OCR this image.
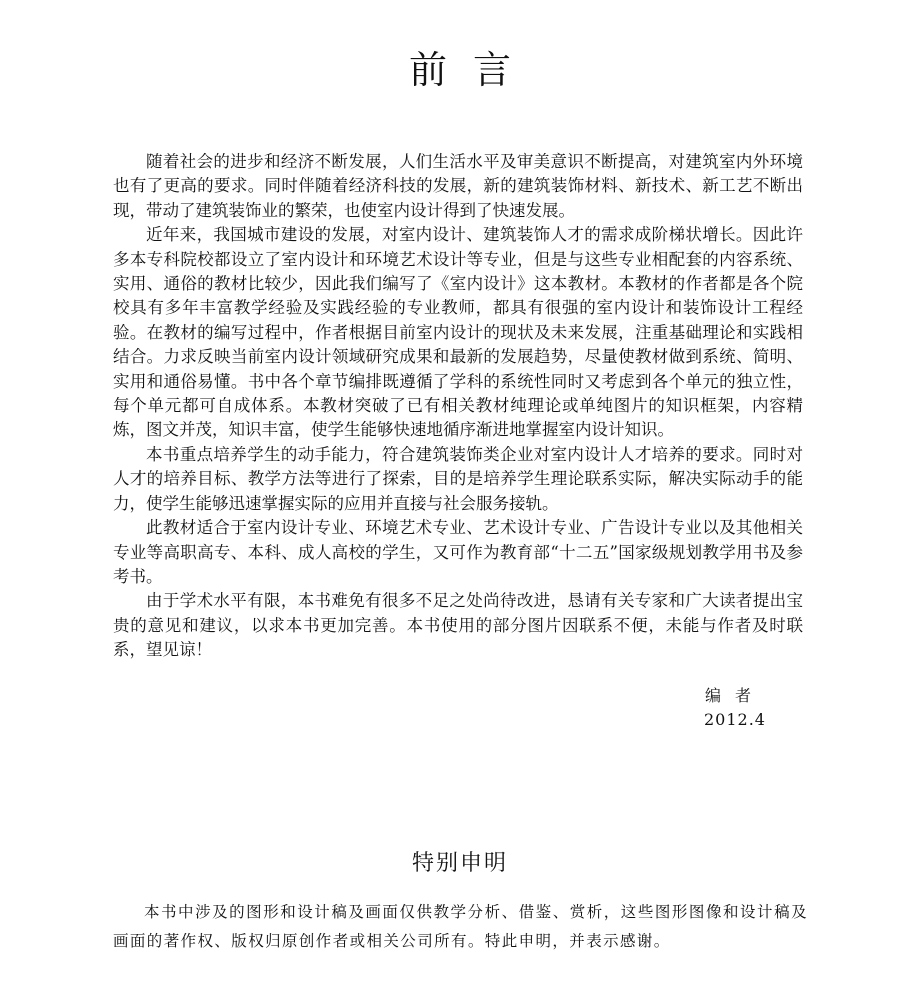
前言

随着社会的进步和经济不断发展，人们生活水平及审美意识不断提高，对建筑室内外环境也有了更高的要求。同时伴随着经济科技的发展，新的建筑装饰材料、新技术、新工艺不断出现，带动了建筑装饰业的繁荣，也使室内设计得到了快速发展。

近年来，我国城市建设的发展，对室内设计、建筑装饰人才的需求成阶梯状增长。因此许多本专科院校都设立了室内设计和环境艺术设计等专业，但是与这些专业相配套的内容系统、实用、通俗的教材比较少，因此我们编写了《室内设计》这本教材。本教材的作者都是各个院校具有多年丰富教学经验及实践经验的专业教师，都具有很强的室内设计和装饰设计工程经验。在教材的编写过程中，作者根据目前室内设计的现状及未来发展，注重基础理论和实践相结合。力求反映当前室内设计领域研究成果和最新的发展趋势，尽量使教材做到系统、简明、实用和通俗易懂。书中各个章节编排既遵循了学科的系统性同时又考虑到各个单元的独立性，每个单元都可自成体系。本教材突破了已有相关教材纯理论或单纯图片的知识框架，内容精炼，图文并茂，知识丰富，使学生能够快速地循序渐进地掌握室内设计知识。

本书重点培养学生的动手能力，符合建筑装饰类企业对室内设计人才培养的要求。同时对人才的培养目标、教学方法等进行了探索，目的是培养学生理论联系实际，解决实际动手的能力，使学生能够迅速掌握实际的应用并直接与社会服务接轨。

此教材适合于室内设计专业、环境艺术专业、艺术设计专业、广告设计专业以及其他相关专业等高职高专、本科、成人高校的学生，又可作为教育部“十二五”国家级规划教学用书及参考书。

由于学术水平有限，本书难免有很多不足之处尚待改进，恳请有关专家和广大读者提出宝贵的意见和建议，以求本书更加完善。本书使用的部分图片因联系不便，未能与作者及时联系，望见谅！

编者
2012.4
特别申明

本书中涉及的图形和设计稿及画面仅供教学分析、借鉴、赏析，这些图形图像和设计稿及画面的著作权、版权归原创作者或相关公司所有。特此申明，并表示感谢。
